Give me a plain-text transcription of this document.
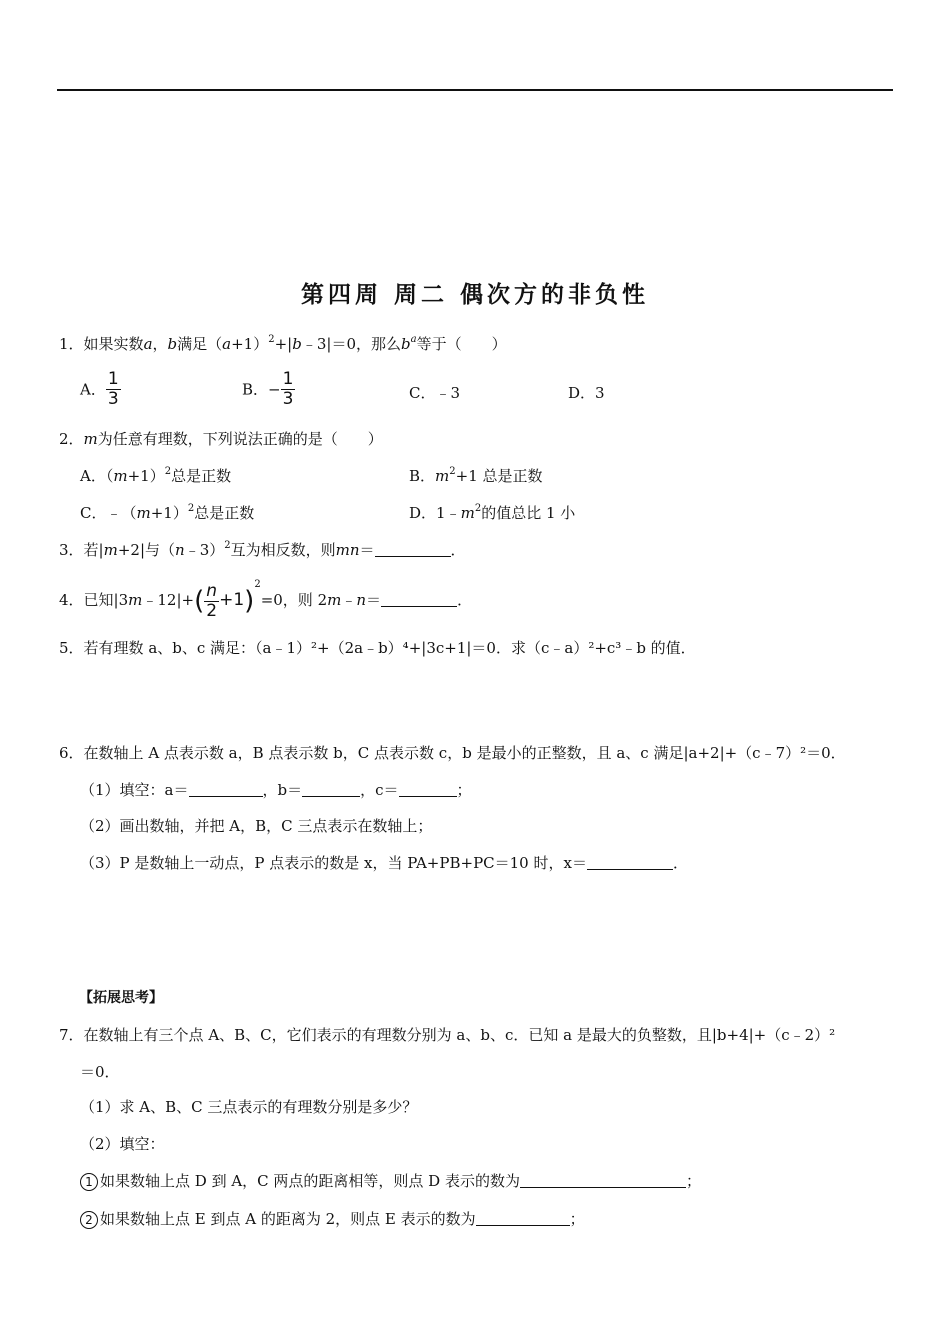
第四周 周二 偶次方的非负性
1．如果实数a，b满足$(a+1)^2+|b﹣3|=0$，那么$b^a$等于（　　）
A． $\frac{1}{3}$	B．− $\frac{1}{3}$	C．﹣3	D．3
2．m为任意有理数，下列说法正确的是（　　）
A．$(m+1)^2$总是正数	B．$m^2+1$ 总是正数
C．$﹣(m+1)^2$总是正数	D．$1﹣m^2$的值总比 1 小
3．若|m+2|与（n﹣3）$^2$互为相反数，则mn＝	．
4．已知|3m﹣12|+( $\frac{n}{2} +1)^2=0$，则 2m﹣n＝	．
5．若有理数 a、b、c 满足：（a﹣1）²+（2a﹣b）⁴+|3c+1|＝0．求（c﹣a）²+c³﹣b 的值．
6．在数轴上 A 点表示数 a，B 点表示数 b，C 点表示数 c，b 是最小的正整数，且 a、c 满足|a+2|+（c﹣7）²＝0．
（1）填空：a＝	，b＝	，c＝	；
（2）画出数轴，并把 A，B，C 三点表示在数轴上；
（3）P 是数轴上一动点，P 点表示的数是 x，当 PA+PB+PC＝10 时，x＝	．
【拓展思考】
7．在数轴上有三个点 A、B、C，它们表示的有理数分别为 a、b、c．已知 a 是最大的负整数，且|b+4|+（c﹣2）²
＝0．
（1）求 A、B、C 三点表示的有理数分别是多少？
（2）填空：
1 如果数轴上点 D 到 A，C 两点的距离相等，则点 D 表示的数为	；
2 如果数轴上点 E 到点 A 的距离为 2，则点 E 表示的数为	；
